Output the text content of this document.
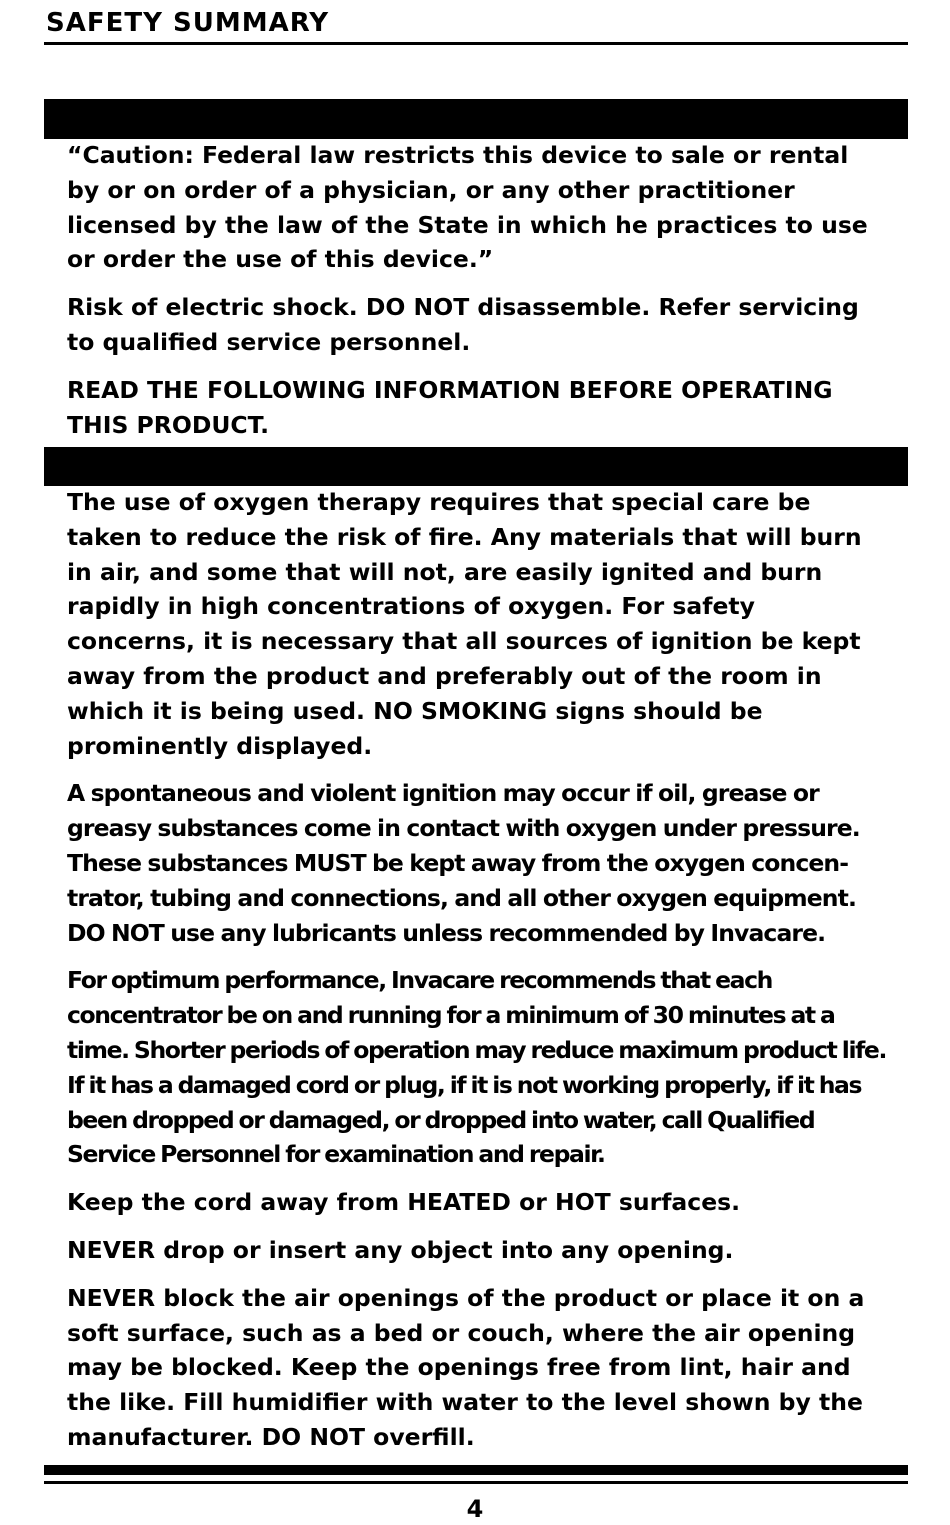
SAFETY SUMMARY

“Caution: Federal law restricts this device to sale or rental by or on order of a physician, or any other practitioner licensed by the law of the State in which he practices to use or order the use of this device.”

Risk of electric shock. DO NOT disassemble. Refer servicing to qualified service personnel.

READ THE FOLLOWING INFORMATION BEFORE OPERATING THIS PRODUCT.

The use of oxygen therapy requires that special care be taken to reduce the risk of fire. Any materials that will burn in air, and some that will not, are easily ignited and burn rapidly in high concentrations of oxygen. For safety concerns, it is necessary that all sources of ignition be kept away from the product and preferably out of the room in which it is being used. NO SMOKING signs should be prominently displayed.

A spontaneous and violent ignition may occur if oil, grease or greasy substances come in contact with oxygen under pressure. These substances MUST be kept away from the oxygen concen-trator, tubing and connections, and all other oxygen equipment. DO NOT use any lubricants unless recommended by Invacare.

For optimum performance, Invacare recommends that each concentrator be on and running for a minimum of 30 minutes at a time. Shorter periods of operation may reduce maximum product life. If it has a damaged cord or plug, if it is not working properly, if it has been dropped or damaged, or dropped into water, call Qualified Service Personnel for examination and repair.

Keep the cord away from HEATED or HOT surfaces.

NEVER drop or insert any object into any opening.

NEVER block the air openings of the product or place it on a soft surface, such as a bed or couch, where the air opening may be blocked. Keep the openings free from lint, hair and the like. Fill humidifier with water to the level shown by the manufacturer. DO NOT overfill.

4
